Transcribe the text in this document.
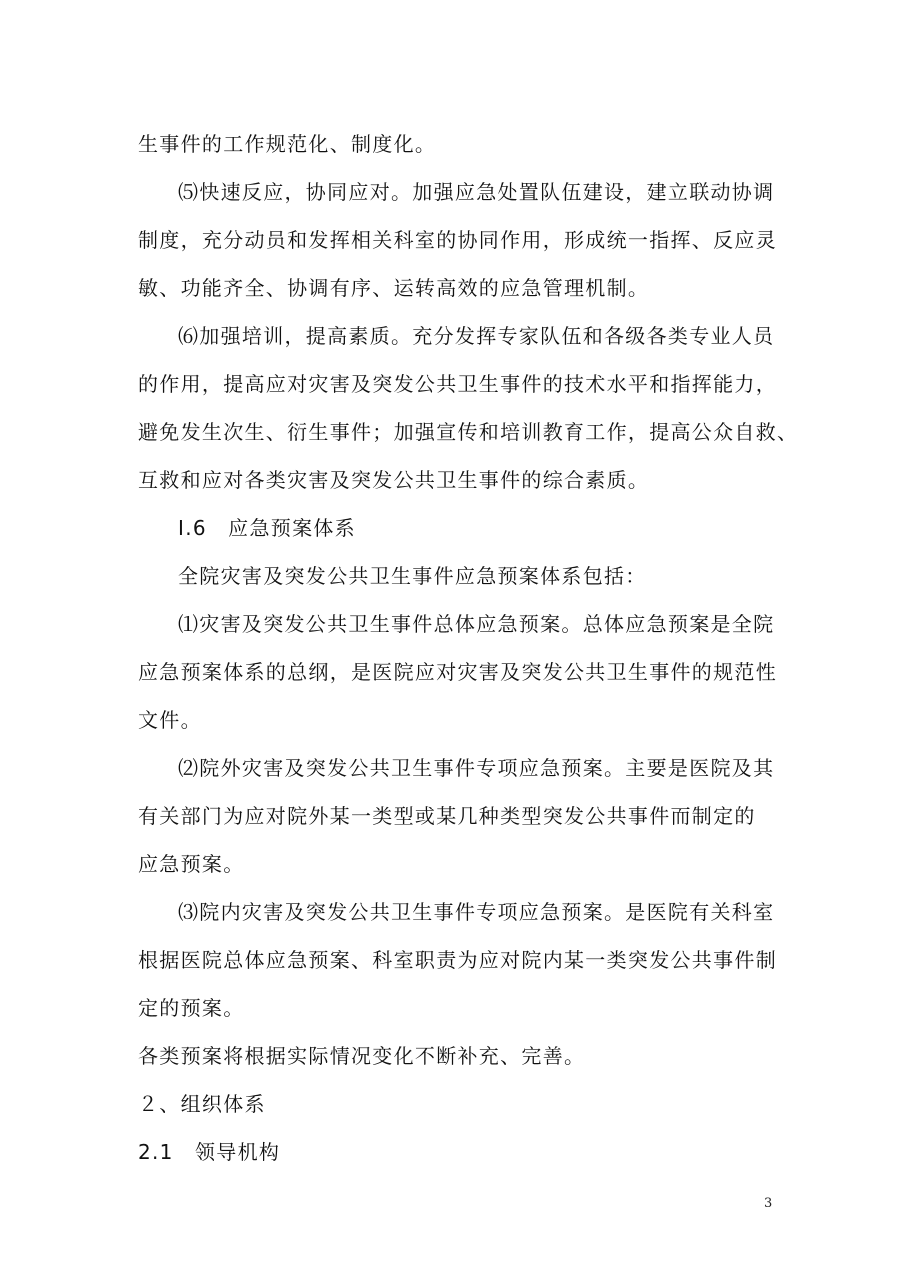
生事件的工作规范化、制度化。
⑸快速反应，协同应对。加强应急处置队伍建设，建立联动协调
制度，充分动员和发挥相关科室的协同作用，形成统一指挥、反应灵
敏、功能齐全、协调有序、运转高效的应急管理机制。
⑹加强培训，提高素质。充分发挥专家队伍和各级各类专业人员
的作用，提高应对灾害及突发公共卫生事件的技术水平和指挥能力，
避免发生次生、衍生事件；加强宣传和培训教育工作，提高公众自救、
互救和应对各类灾害及突发公共卫生事件的综合素质。
I.6　应急预案体系
全院灾害及突发公共卫生事件应急预案体系包括：
⑴灾害及突发公共卫生事件总体应急预案。总体应急预案是全院
应急预案体系的总纲，是医院应对灾害及突发公共卫生事件的规范性
文件。
⑵院外灾害及突发公共卫生事件专项应急预案。主要是医院及其
有关部门为应对院外某一类型或某几种类型突发公共事件而制定的
应急预案。
⑶院内灾害及突发公共卫生事件专项应急预案。是医院有关科室
根据医院总体应急预案、科室职责为应对院内某一类突发公共事件制
定的预案。
各类预案将根据实际情况变化不断补充、完善。
２、组织体系
2.1　领导机构
3
